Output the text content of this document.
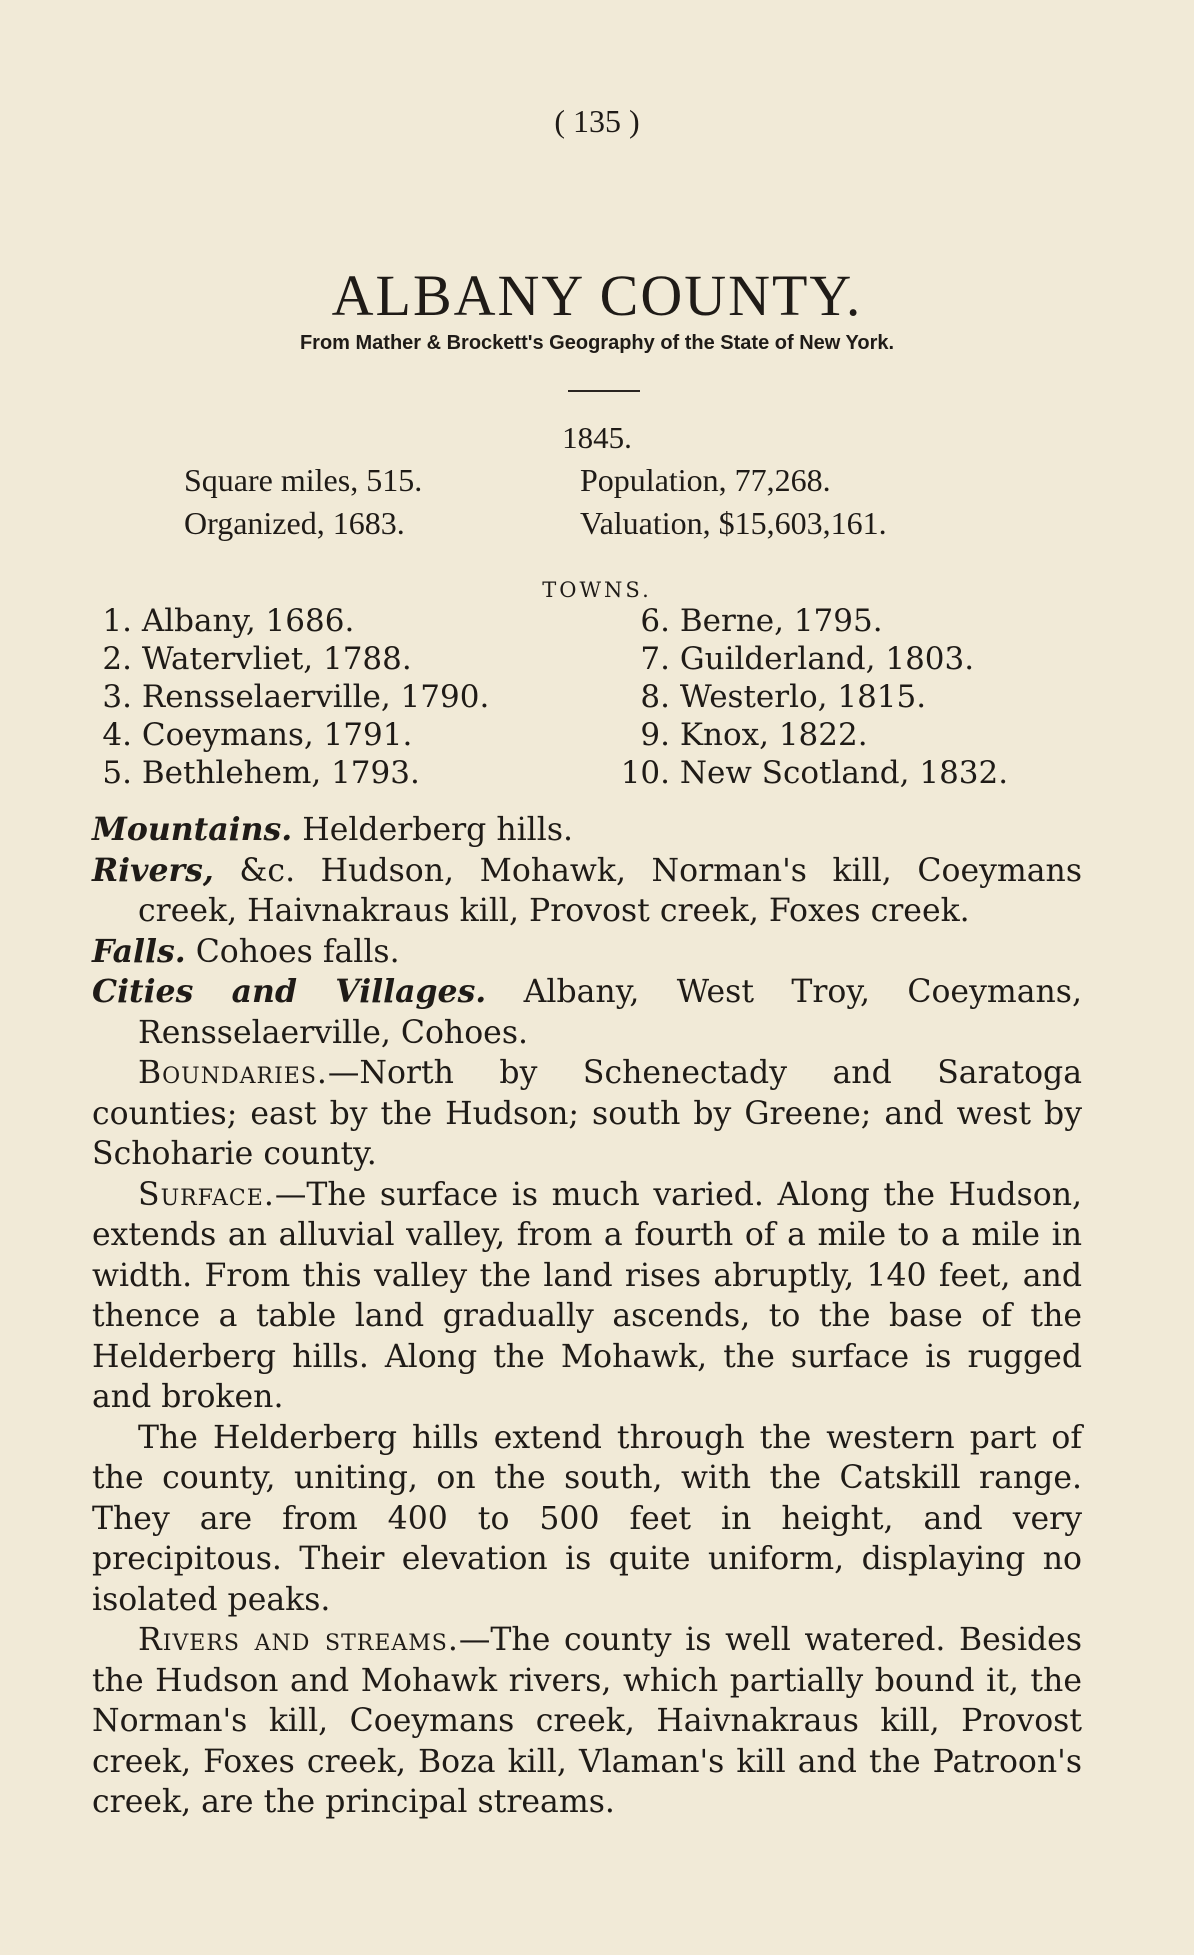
( 135 )
ALBANY COUNTY.
From Mather & Brockett's Geography of the State of New York.
1845.
Square miles, 515.
Organized, 1683.
Population, 77,268.
Valuation, $15,603,161.
TOWNS.
1. Albany, 1686.
2. Watervliet, 1788.
3. Rensselaerville, 1790.
4. Coeymans, 1791.
5. Bethlehem, 1793.
6. Berne, 1795.
7. Guilderland, 1803.
8. Westerlo, 1815.
9. Knox, 1822.
10. New Scotland, 1832.

Mountains. Helderberg hills.

Rivers, &c. Hudson, Mohawk, Norman's kill, Coeymans creek, Haivnakraus kill, Provost creek, Foxes creek.

Falls. Cohoes falls.

Cities and Villages. Albany, West Troy, Coeymans, Rensselaerville, Cohoes.

Boundaries.—North by Schenectady and Saratoga counties; east by the Hudson; south by Greene; and west by Schoharie county.

Surface.—The surface is much varied. Along the Hudson, extends an alluvial valley, from a fourth of a mile to a mile in width. From this valley the land rises abruptly, 140 feet, and thence a table land gradually ascends, to the base of the Helderberg hills. Along the Mohawk, the surface is rugged and broken.

The Helderberg hills extend through the western part of the county, uniting, on the south, with the Catskill range. They are from 400 to 500 feet in height, and very precipitous. Their elevation is quite uniform, displaying no isolated peaks.

Rivers and streams.—The county is well watered. Besides the Hudson and Mohawk rivers, which partially bound it, the Norman's kill, Coeymans creek, Haivnakraus kill, Provost creek, Foxes creek, Boza kill, Vlaman's kill and the Patroon's creek, are the principal streams.
